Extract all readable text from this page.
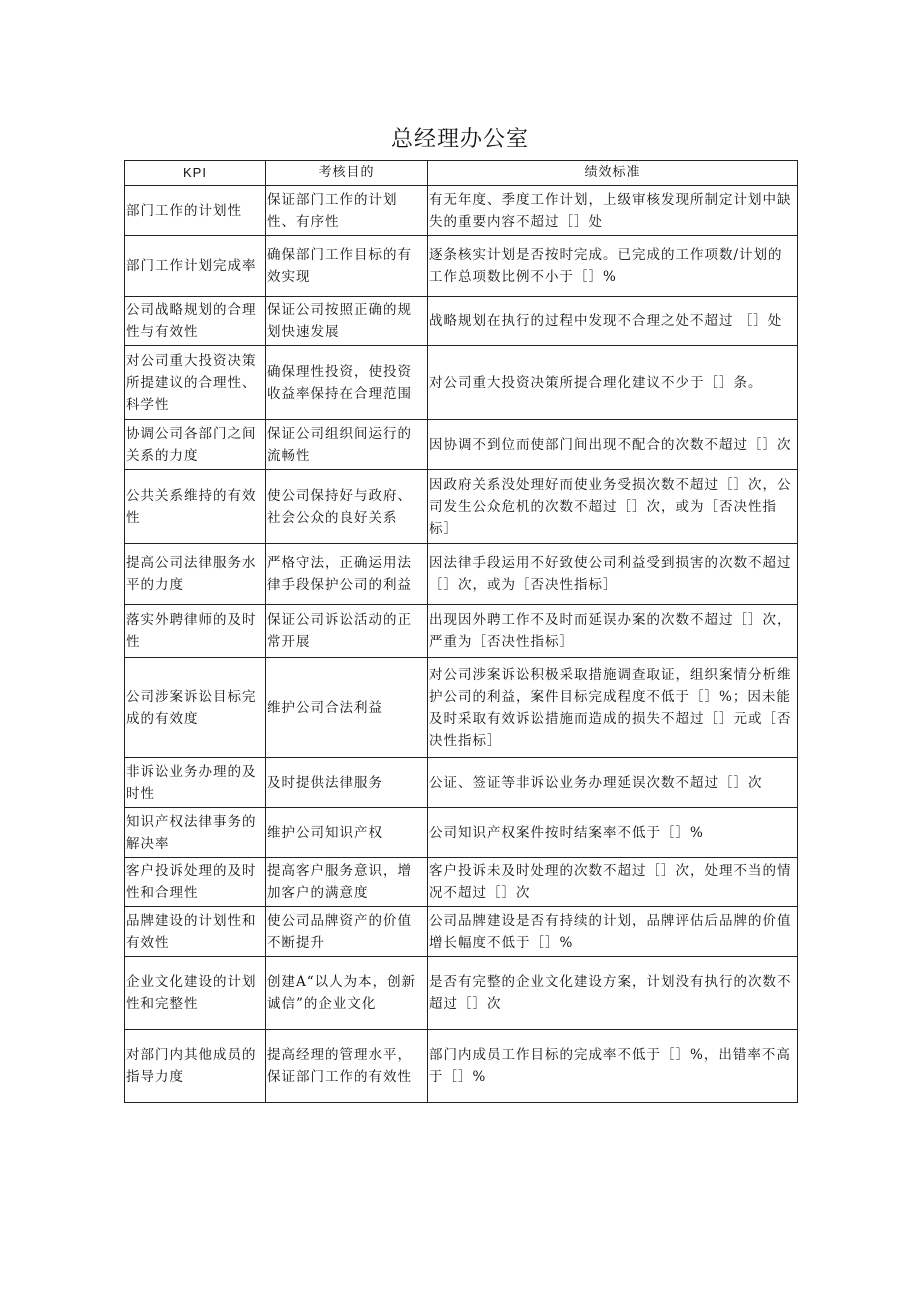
总经理办公室
KPI	考核目的	绩效标准
部门工作的计划性	保证部门工作的计划性、有序性	有无年度、季度工作计划，上级审核发现所制定计划中缺失的重要内容不超过［］处
部门工作计划完成率	确保部门工作目标的有效实现	逐条核实计划是否按时完成。已完成的工作项数/计划的工作总项数比例不小于［］%
公司战略规划的合理性与有效性	保证公司按照正确的规划快速发展	战略规划在执行的过程中发现不合理之处不超过 ［］处
对公司重大投资决策所提建议的合理性、科学性	确保理性投资，使投资收益率保持在合理范围	对公司重大投资决策所提合理化建议不少于［］条。
协调公司各部门之间关系的力度	保证公司组织间运行的流畅性	因协调不到位而使部门间出现不配合的次数不超过［］次
公共关系维持的有效性	使公司保持好与政府、社会公众的良好关系	因政府关系没处理好而使业务受损次数不超过［］次，公司发生公众危机的次数不超过［］次，或为［否决性指标］
提高公司法律服务水平的力度	严格守法，正确运用法律手段保护公司的利益	因法律手段运用不好致使公司利益受到损害的次数不超过［］次，或为［否决性指标］
落实外聘律师的及时性	保证公司诉讼活动的正常开展	出现因外聘工作不及时而延误办案的次数不超过［］次，严重为［否决性指标］
公司涉案诉讼目标完成的有效度	维护公司合法利益	对公司涉案诉讼积极采取措施调查取证，组织案情分析维护公司的利益，案件目标完成程度不低于［］%；因未能及时采取有效诉讼措施而造成的损失不超过［］元或［否决性指标］
非诉讼业务办理的及时性	及时提供法律服务	公证、签证等非诉讼业务办理延误次数不超过［］次
知识产权法律事务的解决率	维护公司知识产权	公司知识产权案件按时结案率不低于［］%
客户投诉处理的及时性和合理性	提高客户服务意识，增加客户的满意度	客户投诉未及时处理的次数不超过［］次，处理不当的情况不超过［］次
品牌建设的计划性和有效性	使公司品牌资产的价值不断提升	公司品牌建设是否有持续的计划，品牌评估后品牌的价值增长幅度不低于［］%
企业文化建设的计划性和完整性	创建A“以人为本，创新诚信”的企业文化	是否有完整的企业文化建设方案，计划没有执行的次数不超过［］次
对部门内其他成员的指导力度	提高经理的管理水平，保证部门工作的有效性	部门内成员工作目标的完成率不低于［］%，出错率不高于［］%
